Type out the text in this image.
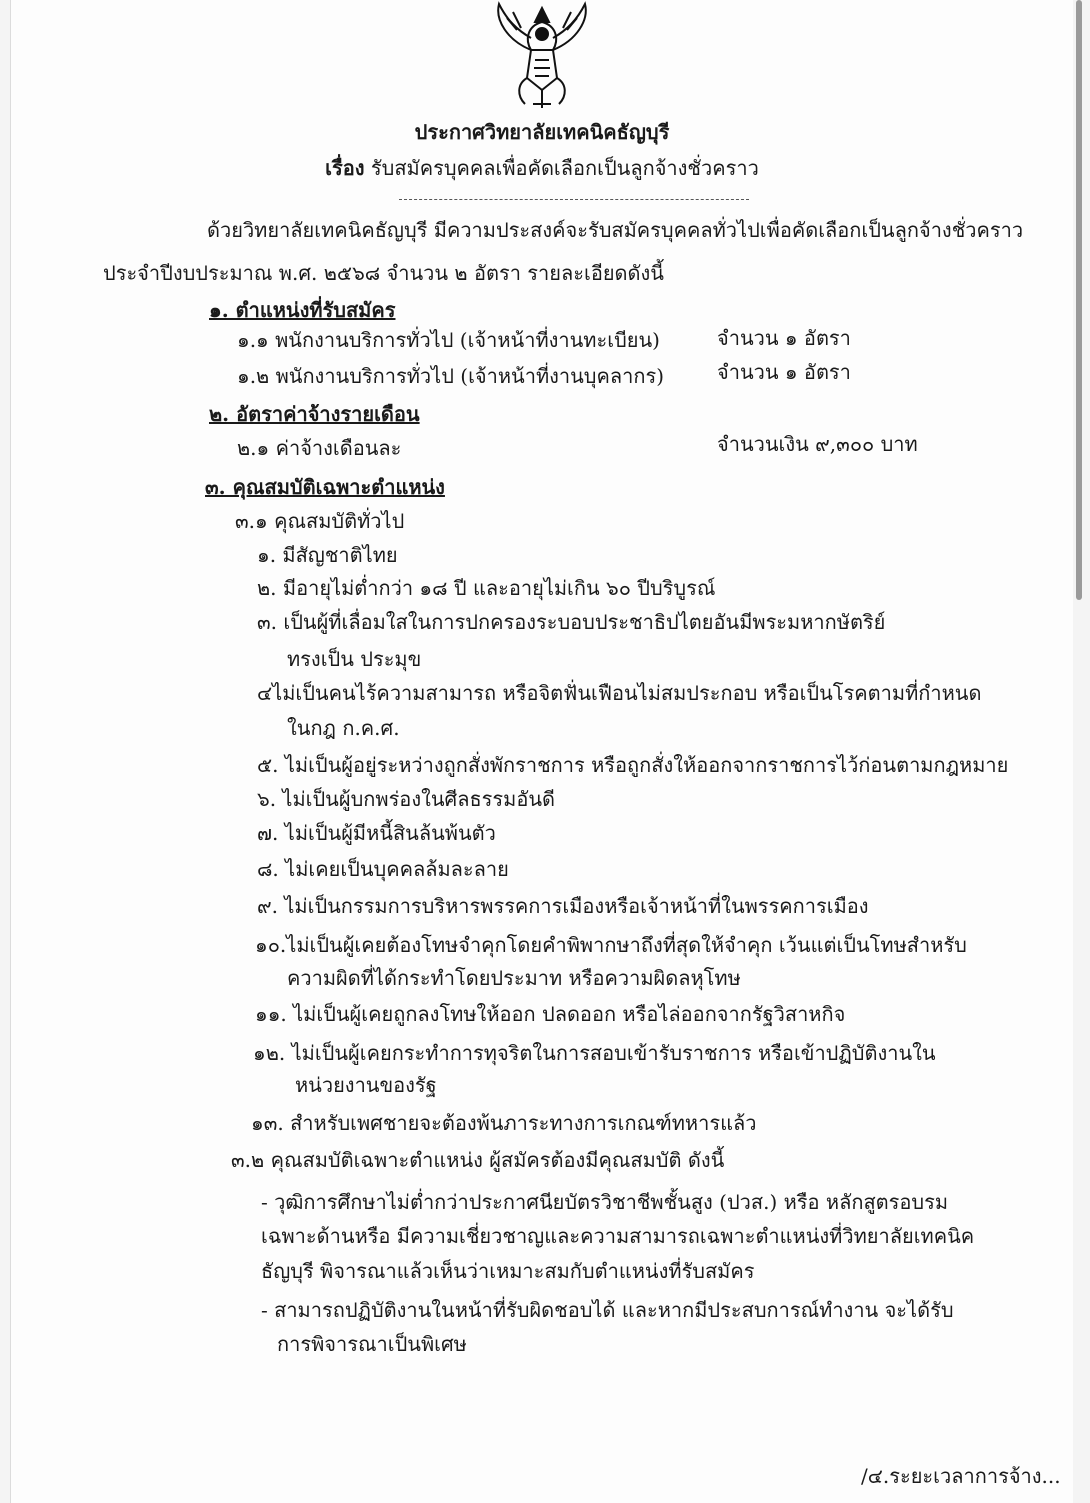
ประกาศวิทยาลัยเทคนิคธัญบุรี
เรื่อง รับสมัครบุคคลเพื่อคัดเลือกเป็นลูกจ้างชั่วคราว
ด้วยวิทยาลัยเทคนิคธัญบุรี มีความประสงค์จะรับสมัครบุคคลทั่วไปเพื่อคัดเลือกเป็นลูกจ้างชั่วคราว
ประจำปีงบประมาณ พ.ศ. ๒๕๖๘ จำนวน ๒ อัตรา รายละเอียดดังนี้
๑. ตำแหน่งที่รับสมัคร
๑.๑ พนักงานบริการทั่วไป (เจ้าหน้าที่งานทะเบียน)	จำนวน ๑ อัตรา
๑.๒ พนักงานบริการทั่วไป (เจ้าหน้าที่งานบุคลากร)	จำนวน ๑ อัตรา
๒. อัตราค่าจ้างรายเดือน
๒.๑ ค่าจ้างเดือนละ	จำนวนเงิน ๙,๓๐๐ บาท
๓. คุณสมบัติเฉพาะตำแหน่ง
๓.๑ คุณสมบัติทั่วไป
๑. มีสัญชาติไทย
๒. มีอายุไม่ต่ำกว่า ๑๘ ปี และอายุไม่เกิน ๖๐ ปีบริบูรณ์
๓. เป็นผู้ที่เลื่อมใสในการปกครองระบอบประชาธิปไตยอันมีพระมหากษัตริย์
ทรงเป็น ประมุข
๔ไม่เป็นคนไร้ความสามารถ หรือจิตฟั่นเฟือนไม่สมประกอบ หรือเป็นโรคตามที่กำหนด
ในกฎ ก.ค.ศ.
๕. ไม่เป็นผู้อยู่ระหว่างถูกสั่งพักราชการ หรือถูกสั่งให้ออกจากราชการไว้ก่อนตามกฎหมาย
๖. ไม่เป็นผู้บกพร่องในศีลธรรมอันดี
๗. ไม่เป็นผู้มีหนี้สินล้นพ้นตัว
๘. ไม่เคยเป็นบุคคลล้มละลาย
๙. ไม่เป็นกรรมการบริหารพรรคการเมืองหรือเจ้าหน้าที่ในพรรคการเมือง
๑๐.ไม่เป็นผู้เคยต้องโทษจำคุกโดยคำพิพากษาถึงที่สุดให้จำคุก เว้นแต่เป็นโทษสำหรับ
ความผิดที่ได้กระทำโดยประมาท หรือความผิดลหุโทษ
๑๑. ไม่เป็นผู้เคยถูกลงโทษให้ออก ปลดออก หรือไล่ออกจากรัฐวิสาหกิจ
๑๒. ไม่เป็นผู้เคยกระทำการทุจริตในการสอบเข้ารับราชการ หรือเข้าปฏิบัติงานใน
หน่วยงานของรัฐ
๑๓. สำหรับเพศชายจะต้องพ้นภาระทางการเกณฑ์ทหารแล้ว
๓.๒ คุณสมบัติเฉพาะตำแหน่ง ผู้สมัครต้องมีคุณสมบัติ ดังนี้
- วุฒิการศึกษาไม่ต่ำกว่าประกาศนียบัตรวิชาชีพชั้นสูง (ปวส.) หรือ หลักสูตรอบรม
เฉพาะด้านหรือ มีความเชี่ยวชาญและความสามารถเฉพาะตำแหน่งที่วิทยาลัยเทคนิค
ธัญบุรี พิจารณาแล้วเห็นว่าเหมาะสมกับตำแหน่งที่รับสมัคร
- สามารถปฏิบัติงานในหน้าที่รับผิดชอบได้ และหากมีประสบการณ์ทำงาน จะได้รับ
การพิจารณาเป็นพิเศษ
/๔.ระยะเวลาการจ้าง...
